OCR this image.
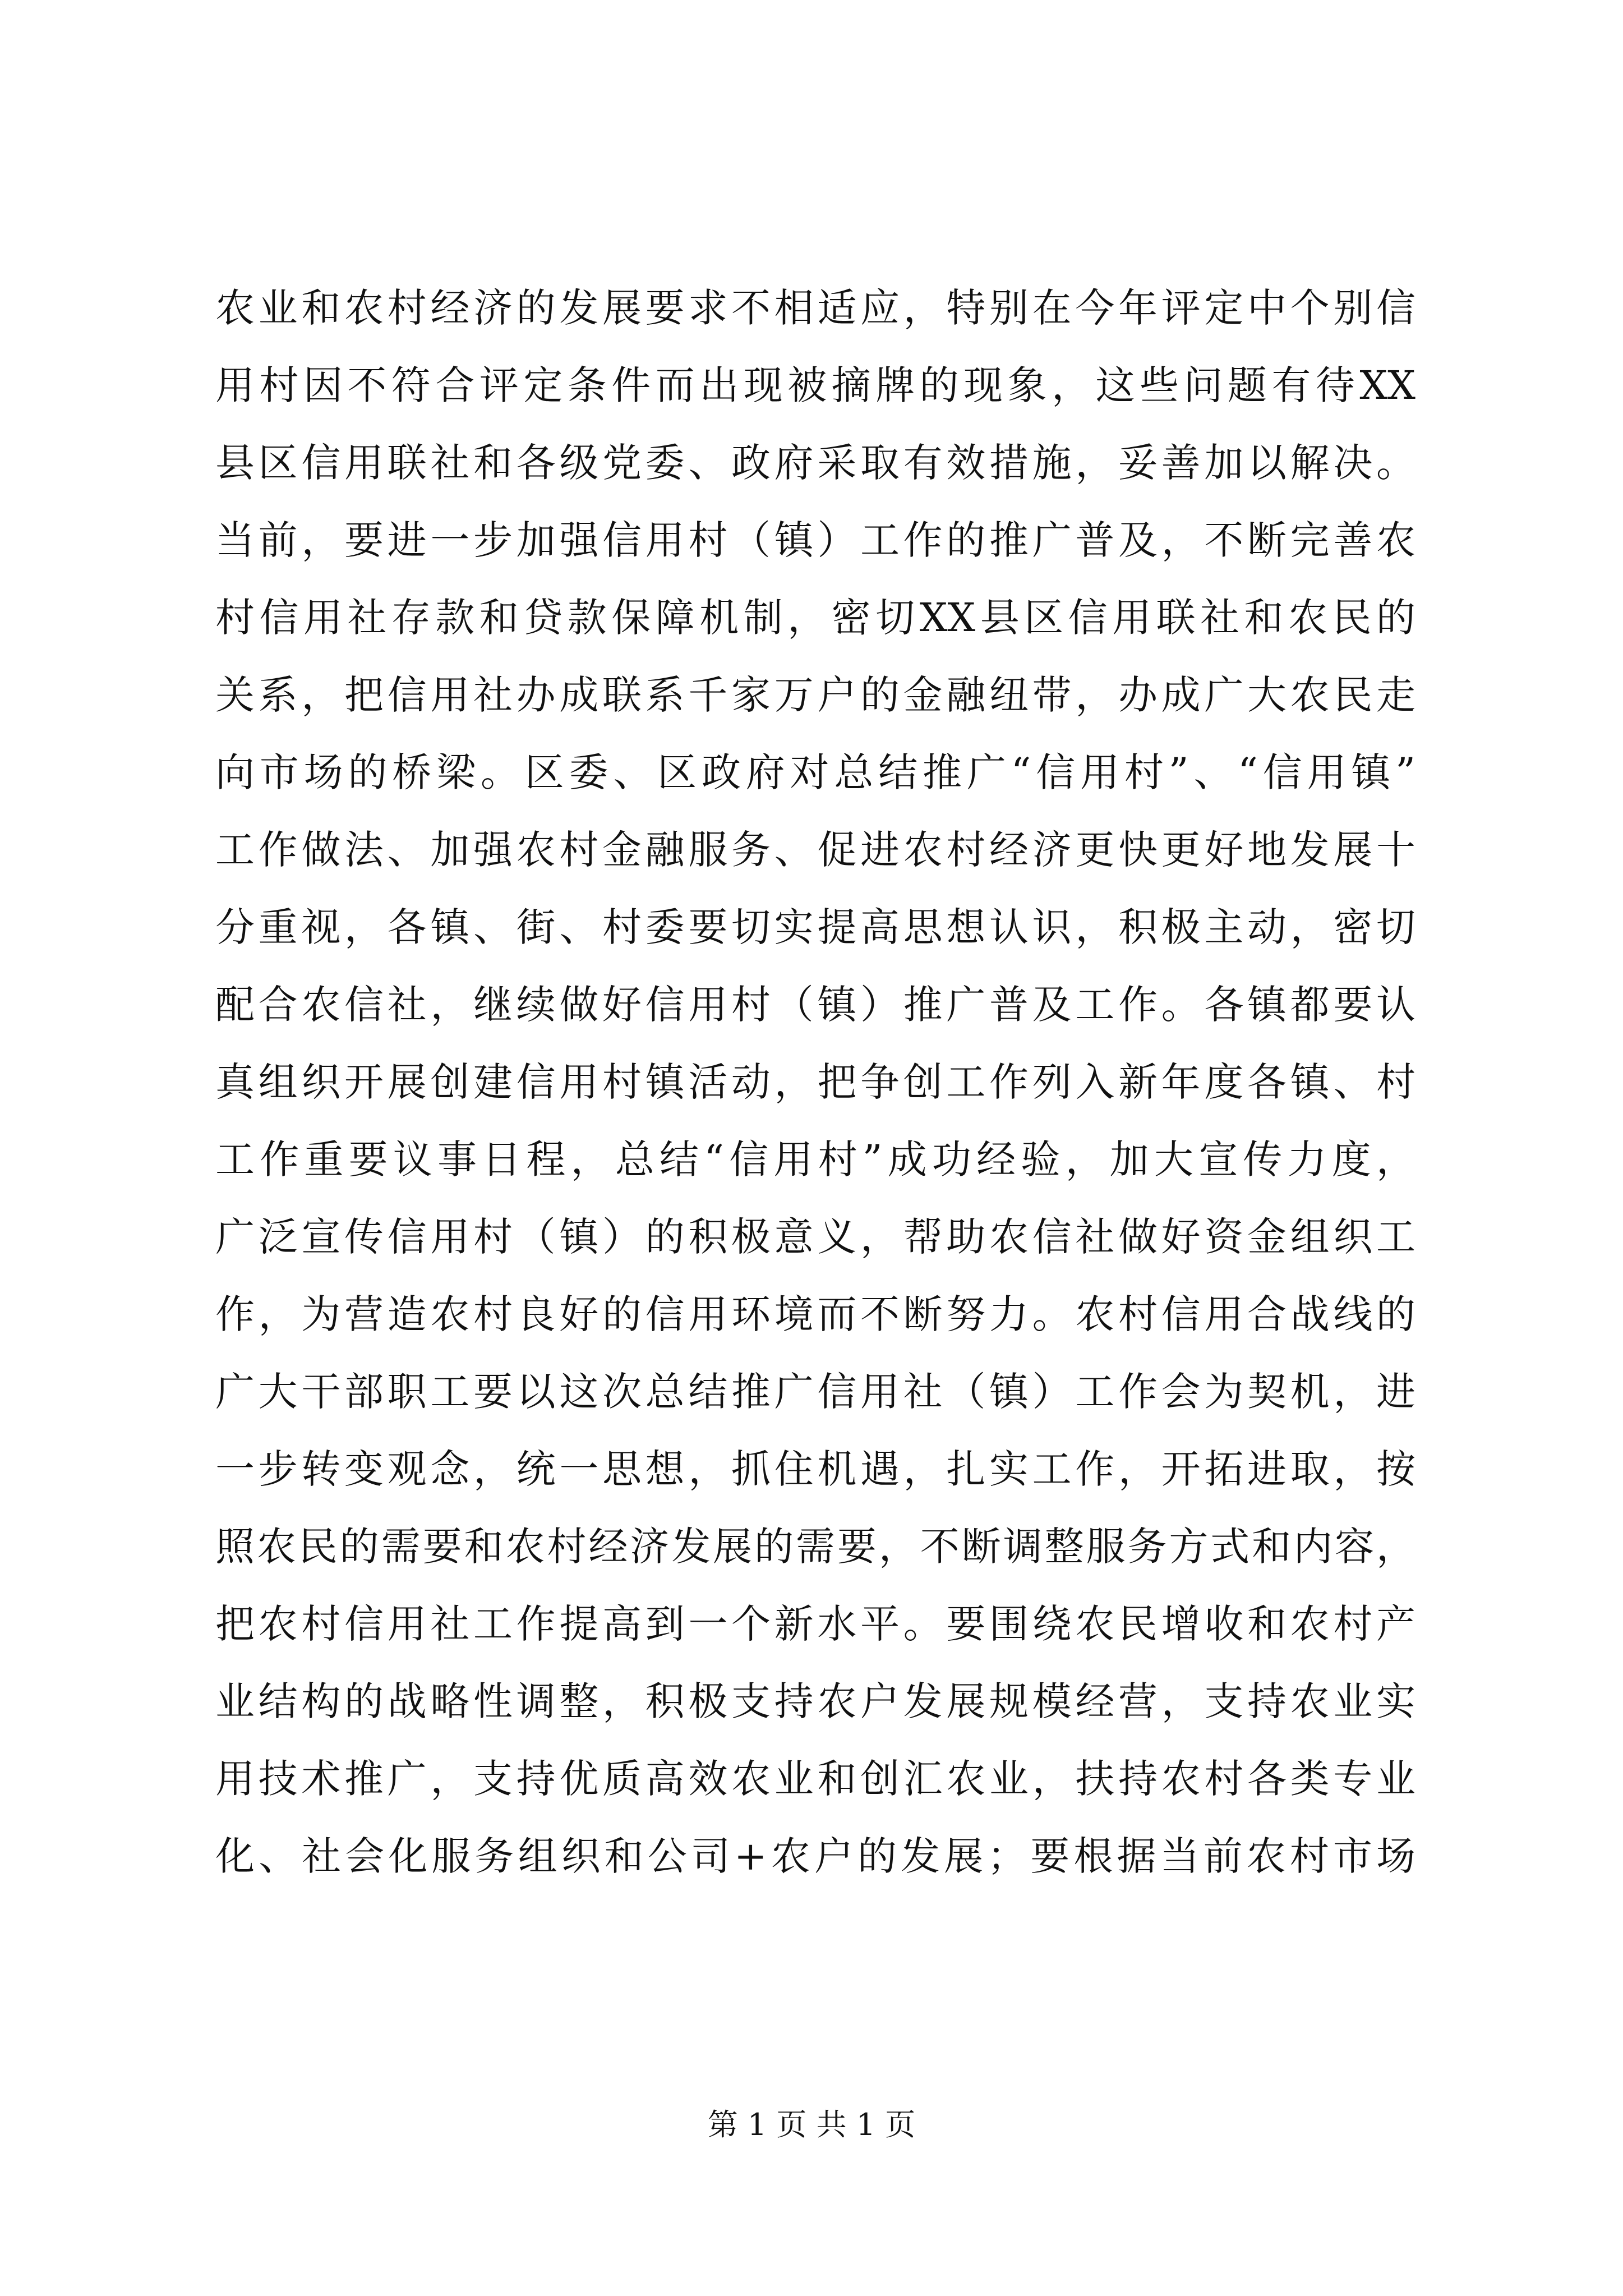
农业和农村经济的发展要求不相适应，特别在今年评定中个别信
用村因不符合评定条件而出现被摘牌的现象，这些问题有待XX
县区信用联社和各级党委、政府采取有效措施，妥善加以解决。
当前，要进一步加强信用村（镇）工作的推广普及，不断完善农
村信用社存款和贷款保障机制，密切XX县区信用联社和农民的
关系，把信用社办成联系千家万户的金融纽带，办成广大农民走
向市场的桥梁。区委、区政府对总结推广“信用村”、“信用镇”
工作做法、加强农村金融服务、促进农村经济更快更好地发展十
分重视，各镇、街、村委要切实提高思想认识，积极主动，密切
配合农信社，继续做好信用村（镇）推广普及工作。各镇都要认
真组织开展创建信用村镇活动，把争创工作列入新年度各镇、村
工作重要议事日程，总结“信用村”成功经验，加大宣传力度，
广泛宣传信用村（镇）的积极意义，帮助农信社做好资金组织工
作，为营造农村良好的信用环境而不断努力。农村信用合战线的
广大干部职工要以这次总结推广信用社（镇）工作会为契机，进
一步转变观念，统一思想，抓住机遇，扎实工作，开拓进取，按
照农民的需要和农村经济发展的需要，不断调整服务方式和内容，
把农村信用社工作提高到一个新水平。要围绕农民增收和农村产
业结构的战略性调整，积极支持农户发展规模经营，支持农业实
用技术推广，支持优质高效农业和创汇农业，扶持农村各类专业
化、社会化服务组织和公司+农户的发展；要根据当前农村市场
第 1 页 共 1 页
